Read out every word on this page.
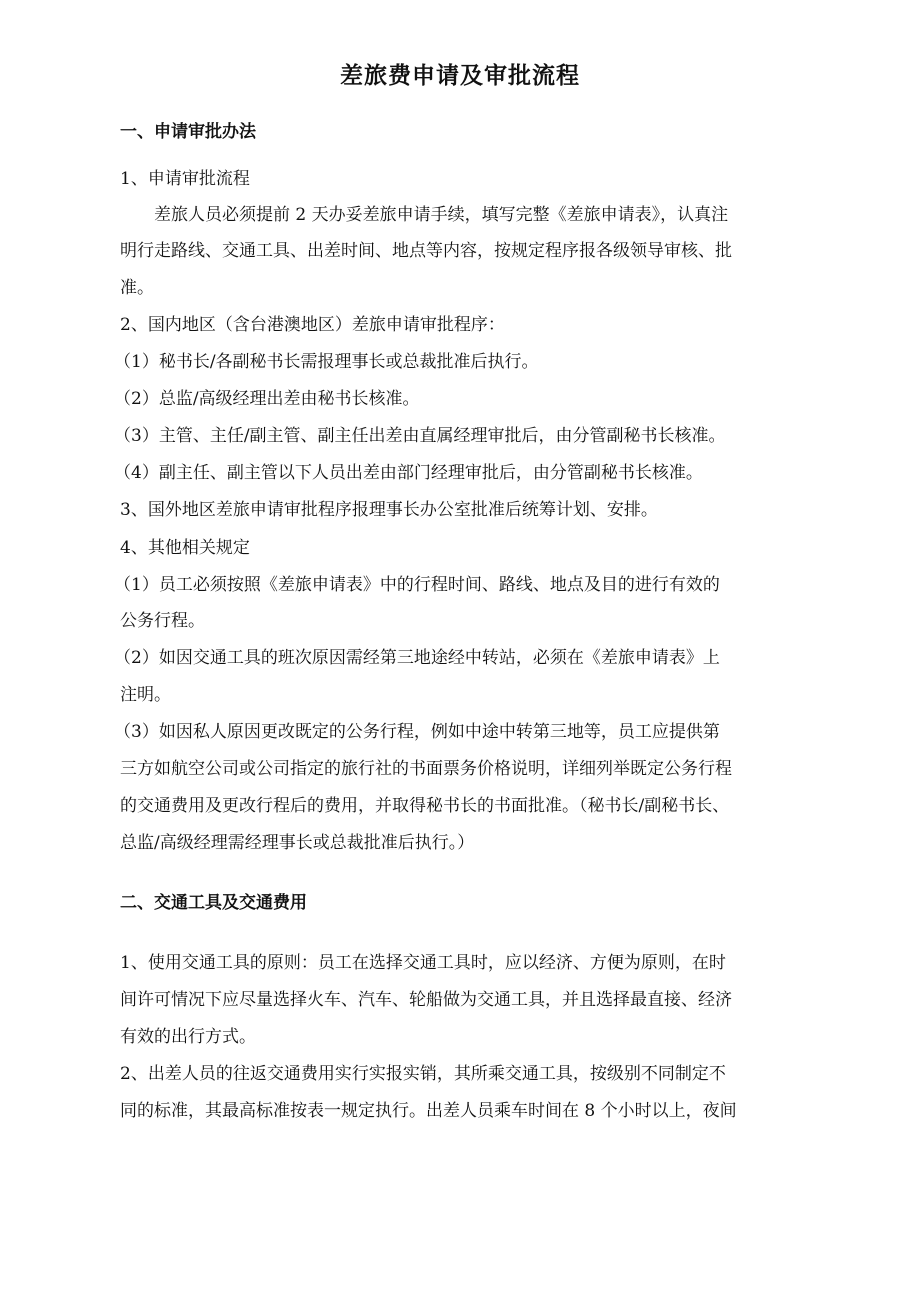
差旅费申请及审批流程
一、申请审批办法
1、申请审批流程
差旅人员必须提前 2 天办妥差旅申请手续，填写完整《差旅申请表》，认真注
明行走路线、交通工具、出差时间、地点等内容，按规定程序报各级领导审核、批
准。
2、国内地区（含台港澳地区）差旅申请审批程序：
（1）秘书长/各副秘书长需报理事长或总裁批准后执行。
（2）总监/高级经理出差由秘书长核准。
（3）主管、主任/副主管、副主任出差由直属经理审批后，由分管副秘书长核准。
（4）副主任、副主管以下人员出差由部门经理审批后，由分管副秘书长核准。
3、国外地区差旅申请审批程序报理事长办公室批准后统筹计划、安排。
4、其他相关规定
（1）员工必须按照《差旅申请表》中的行程时间、路线、地点及目的进行有效的
公务行程。
（2）如因交通工具的班次原因需经第三地途经中转站，必须在《差旅申请表》上
注明。
（3）如因私人原因更改既定的公务行程，例如中途中转第三地等，员工应提供第
三方如航空公司或公司指定的旅行社的书面票务价格说明，详细列举既定公务行程
的交通费用及更改行程后的费用，并取得秘书长的书面批准。（秘书长/副秘书长、
总监/高级经理需经理事长或总裁批准后执行。）
二、交通工具及交通费用
1、使用交通工具的原则：员工在选择交通工具时，应以经济、方便为原则，在时
间许可情况下应尽量选择火车、汽车、轮船做为交通工具，并且选择最直接、经济
有效的出行方式。
2、出差人员的往返交通费用实行实报实销，其所乘交通工具，按级别不同制定不
同的标准，其最高标准按表一规定执行。出差人员乘车时间在 8 个小时以上，夜间
